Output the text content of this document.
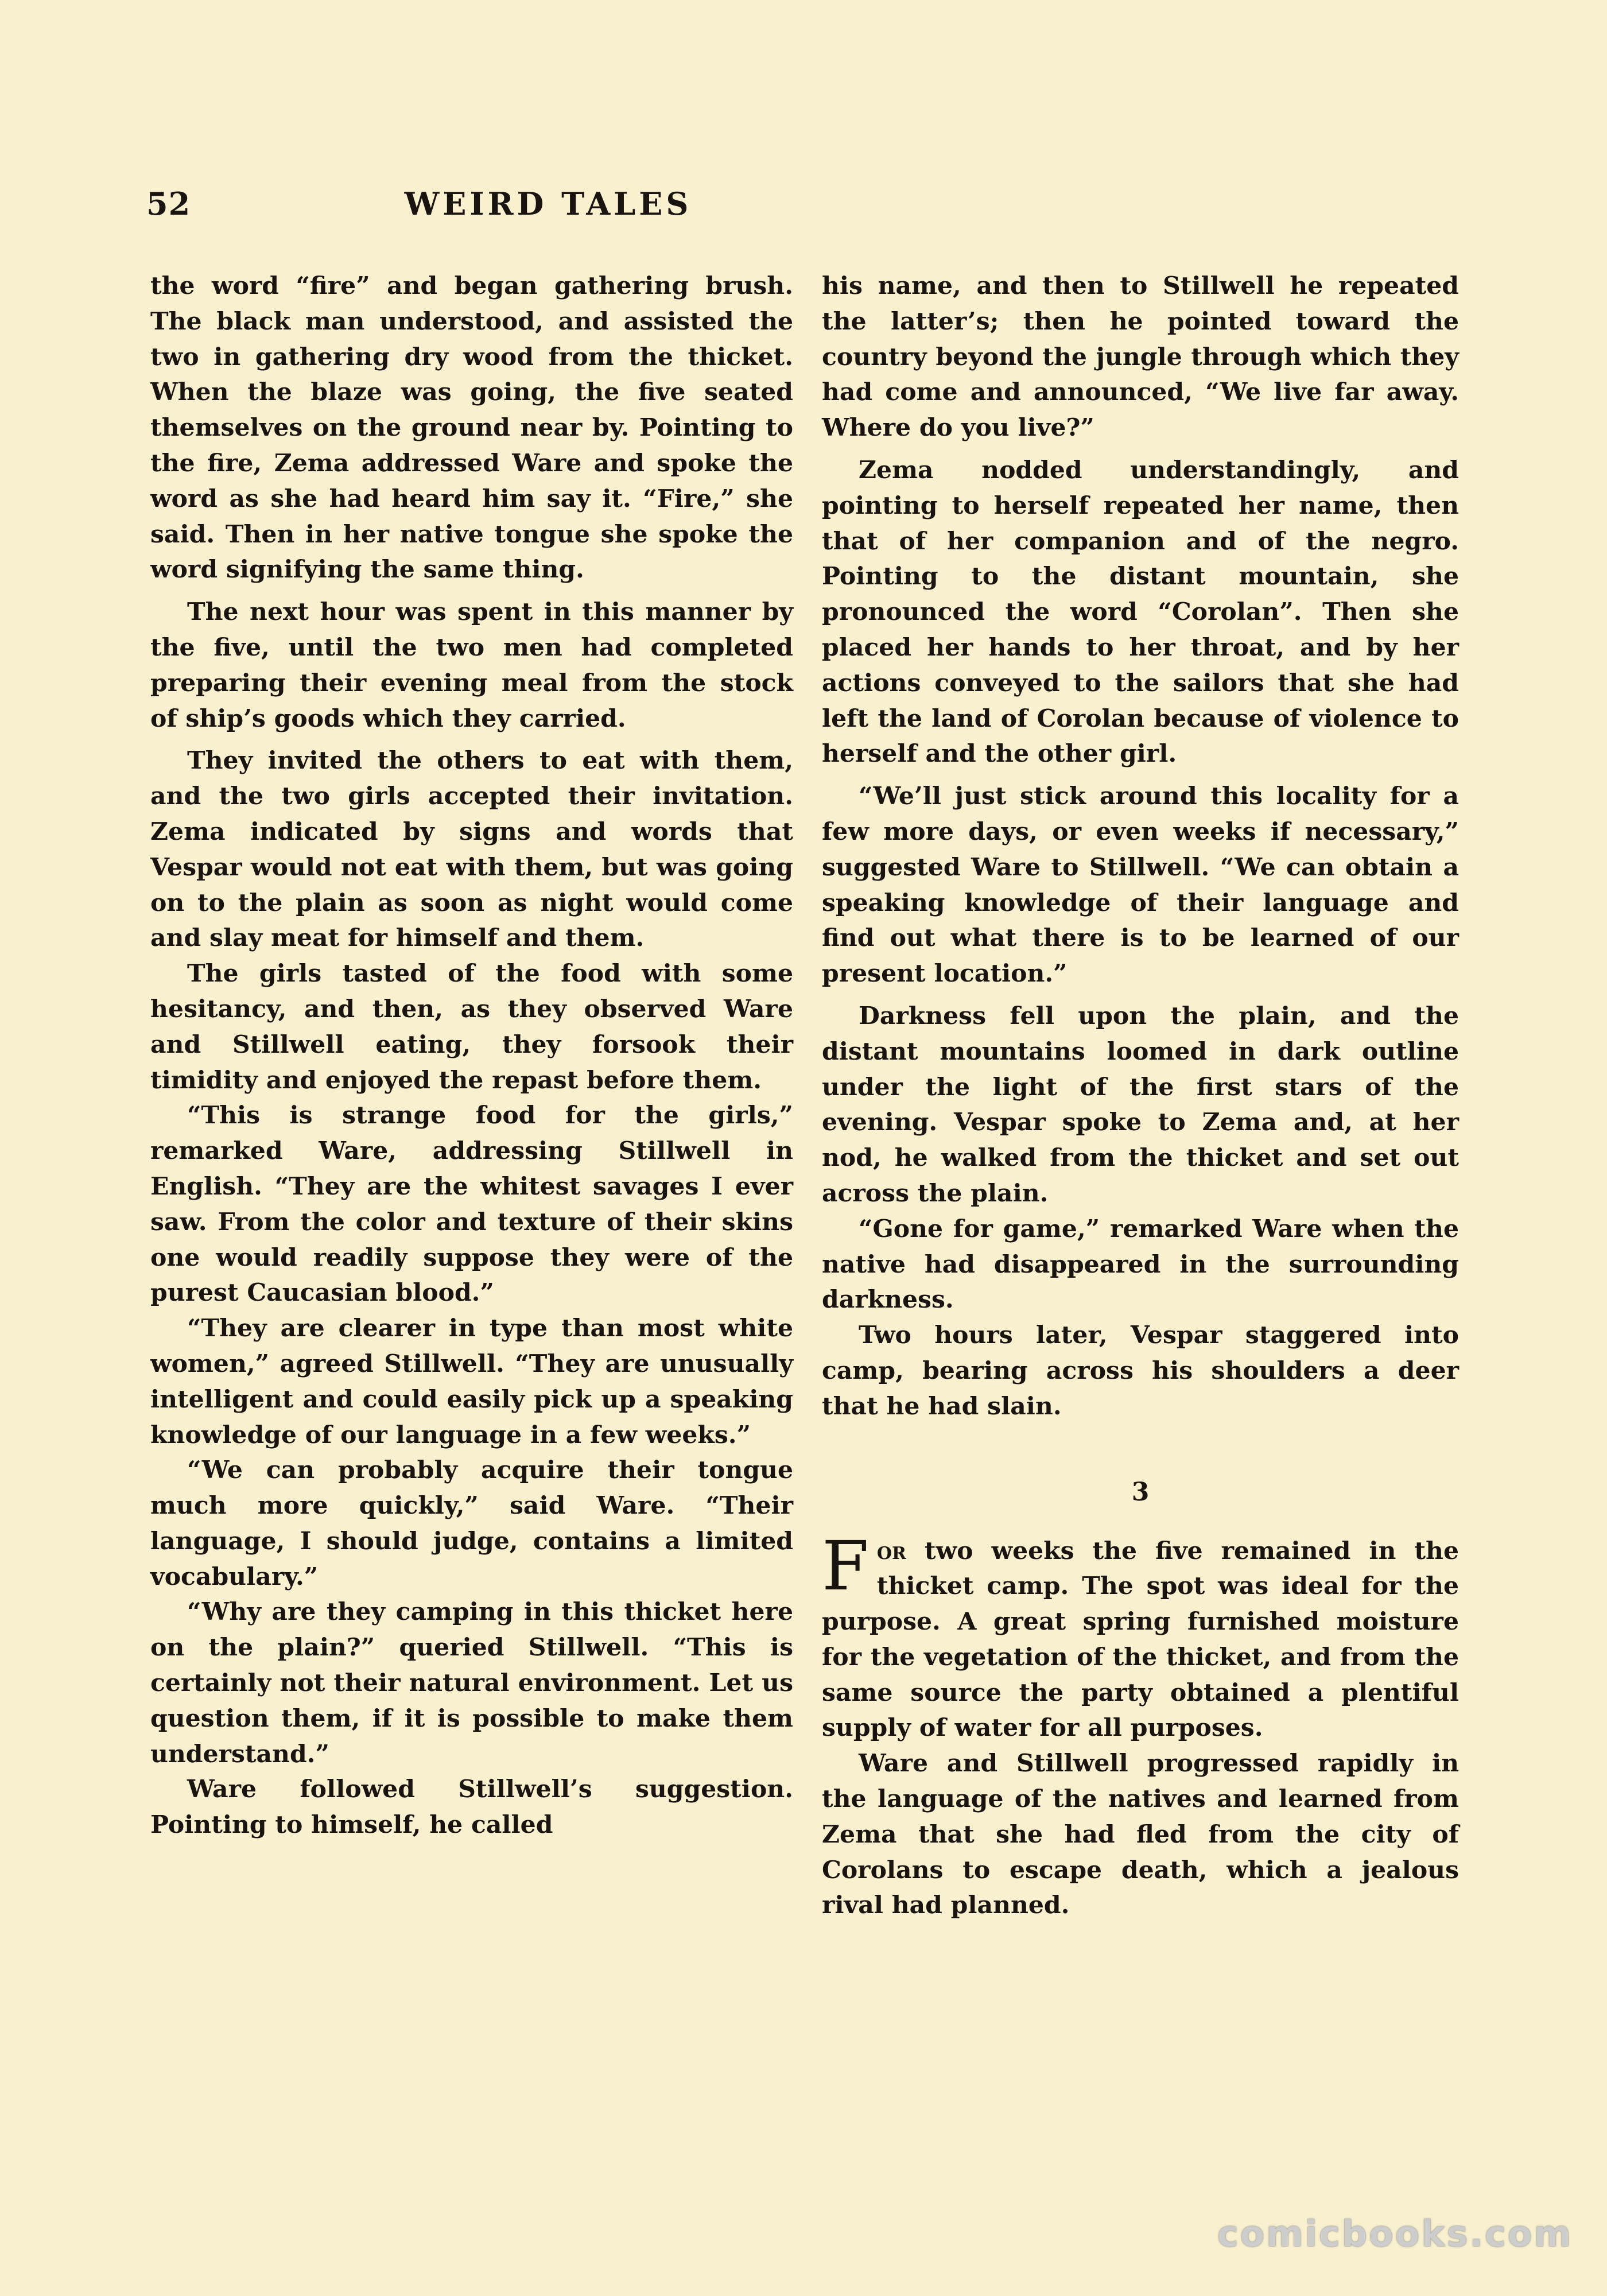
52	WEIRD TALES

the word “fire” and began gathering brush. The black man understood, and assisted the two in gathering dry wood from the thicket. When the blaze was going, the five seated themselves on the ground near by. Pointing to the fire, Zema addressed Ware and spoke the word as she had heard him say it. “Fire,” she said. Then in her native tongue she spoke the word signifying the same thing.

The next hour was spent in this manner by the five, until the two men had completed preparing their evening meal from the stock of ship’s goods which they carried.

They invited the others to eat with them, and the two girls accepted their invitation. Zema indicated by signs and words that Vespar would not eat with them, but was going on to the plain as soon as night would come and slay meat for himself and them.

The girls tasted of the food with some hesitancy, and then, as they observed Ware and Stillwell eating, they forsook their timidity and enjoyed the repast before them.

“This is strange food for the girls,” remarked Ware, addressing Stillwell in English. “They are the whitest savages I ever saw. From the color and texture of their skins one would readily suppose they were of the purest Caucasian blood.”

“They are clearer in type than most white women,” agreed Stillwell. “They are unusually intelligent and could easily pick up a speaking knowledge of our language in a few weeks.”

“We can probably acquire their tongue much more quickly,” said Ware. “Their language, I should judge, contains a limited vocabulary.”

“Why are they camping in this thicket here on the plain?” queried Stillwell. “This is certainly not their natural environment. Let us question them, if it is possible to make them understand.”

Ware followed Stillwell’s suggestion. Pointing to himself, he called

his name, and then to Stillwell he repeated the latter’s; then he pointed toward the country beyond the jungle through which they had come and announced, “We live far away. Where do you live?”

Zema nodded understandingly, and pointing to herself repeated her name, then that of her companion and of the negro. Pointing to the distant mountain, she pronounced the word “Corolan”. Then she placed her hands to her throat, and by her actions conveyed to the sailors that she had left the land of Corolan because of violence to herself and the other girl.

“We’ll just stick around this locality for a few more days, or even weeks if necessary,” suggested Ware to Stillwell. “We can obtain a speaking knowledge of their language and find out what there is to be learned of our present location.”

Darkness fell upon the plain, and the distant mountains loomed in dark outline under the light of the first stars of the evening. Vespar spoke to Zema and, at her nod, he walked from the thicket and set out across the plain.

“Gone for game,” remarked Ware when the native had disappeared in the surrounding darkness.

Two hours later, Vespar staggered into camp, bearing across his shoulders a deer that he had slain.

3

For two weeks the five remained in the thicket camp. The spot was ideal for the purpose. A great spring furnished moisture for the vegetation of the thicket, and from the same source the party obtained a plentiful supply of water for all purposes.

Ware and Stillwell progressed rapidly in the language of the natives and learned from Zema that she had fled from the city of Corolans to escape death, which a jealous rival had planned.

comicbooks.com
